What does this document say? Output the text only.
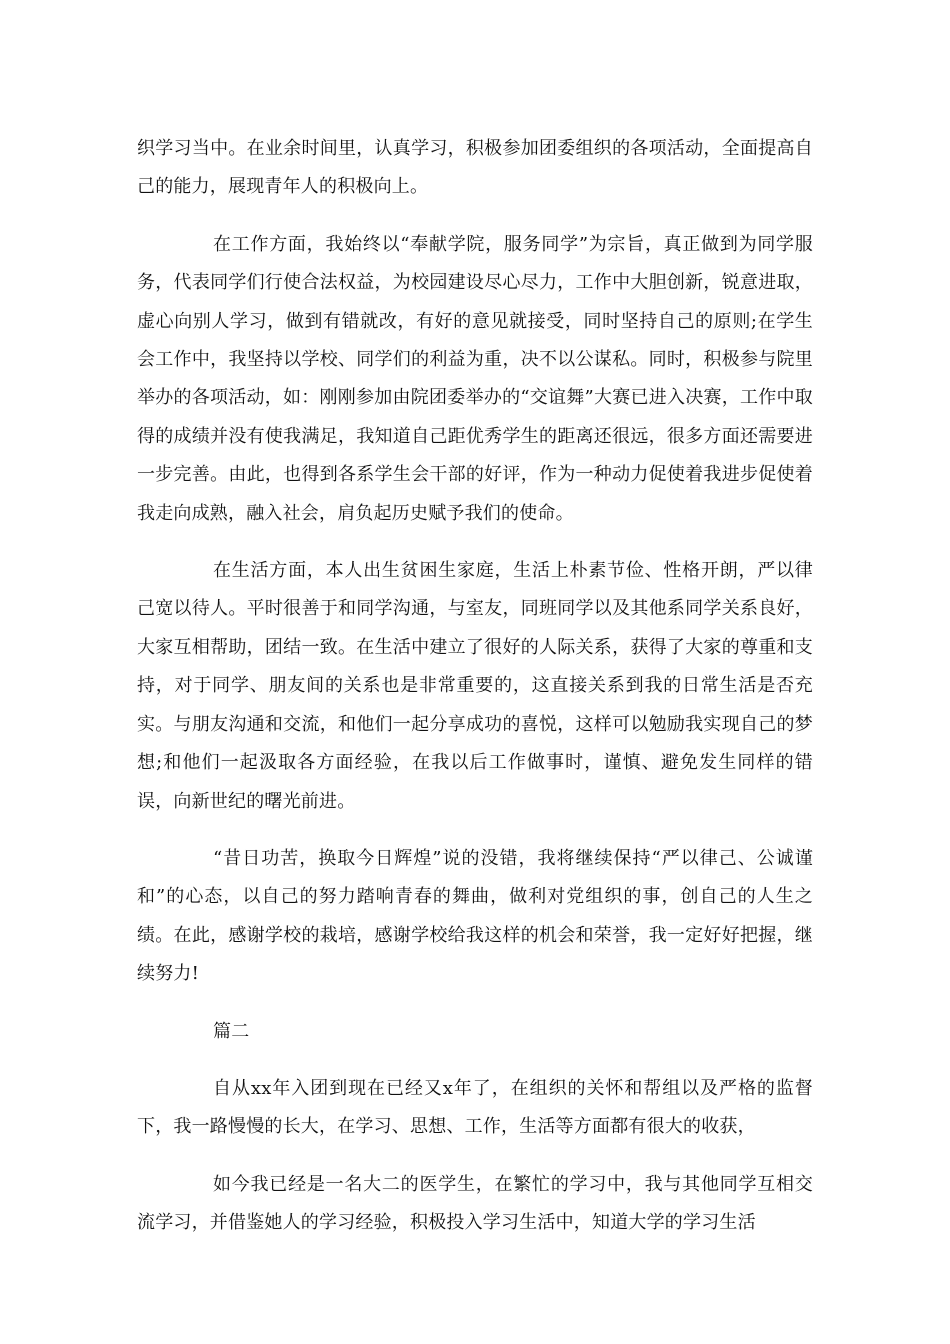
织学习当中。在业余时间里，认真学习，积极参加团委组织的各项活动，全面提高自己的能力，展现青年人的积极向上。

在工作方面，我始终以“奉献学院，服务同学”为宗旨，真正做到为同学服务，代表同学们行使合法权益，为校园建设尽心尽力，工作中大胆创新，锐意进取，虚心向别人学习，做到有错就改，有好的意见就接受，同时坚持自己的原则;在学生会工作中，我坚持以学校、同学们的利益为重，决不以公谋私。同时，积极参与院里举办的各项活动，如：刚刚参加由院团委举办的“交谊舞”大赛已进入决赛，工作中取得的成绩并没有使我满足，我知道自己距优秀学生的距离还很远，很多方面还需要进一步完善。由此，也得到各系学生会干部的好评，作为一种动力促使着我进步促使着我走向成熟，融入社会，肩负起历史赋予我们的使命。

在生活方面，本人出生贫困生家庭，生活上朴素节俭、性格开朗，严以律己宽以待人。平时很善于和同学沟通，与室友，同班同学以及其他系同学关系良好，大家互相帮助，团结一致。在生活中建立了很好的人际关系，获得了大家的尊重和支持，对于同学、朋友间的关系也是非常重要的，这直接关系到我的日常生活是否充实。与朋友沟通和交流，和他们一起分享成功的喜悦，这样可以勉励我实现自己的梦想;和他们一起汲取各方面经验，在我以后工作做事时，谨慎、避免发生同样的错误，向新世纪的曙光前进。

“昔日功苦，换取今日辉煌”说的没错，我将继续保持“严以律己、公诚谨和”的心态，以自己的努力踏响青春的舞曲，做利对党组织的事，创自己的人生之绩。在此，感谢学校的栽培，感谢学校给我这样的机会和荣誉，我一定好好把握，继续努力!

篇二

自从xx年入团到现在已经又x年了，在组织的关怀和帮组以及严格的监督下，我一路慢慢的长大，在学习、思想、工作，生活等方面都有很大的收获，

如今我已经是一名大二的医学生，在繁忙的学习中，我与其他同学互相交流学习，并借鉴她人的学习经验，积极投入学习生活中，知道大学的学习生活
